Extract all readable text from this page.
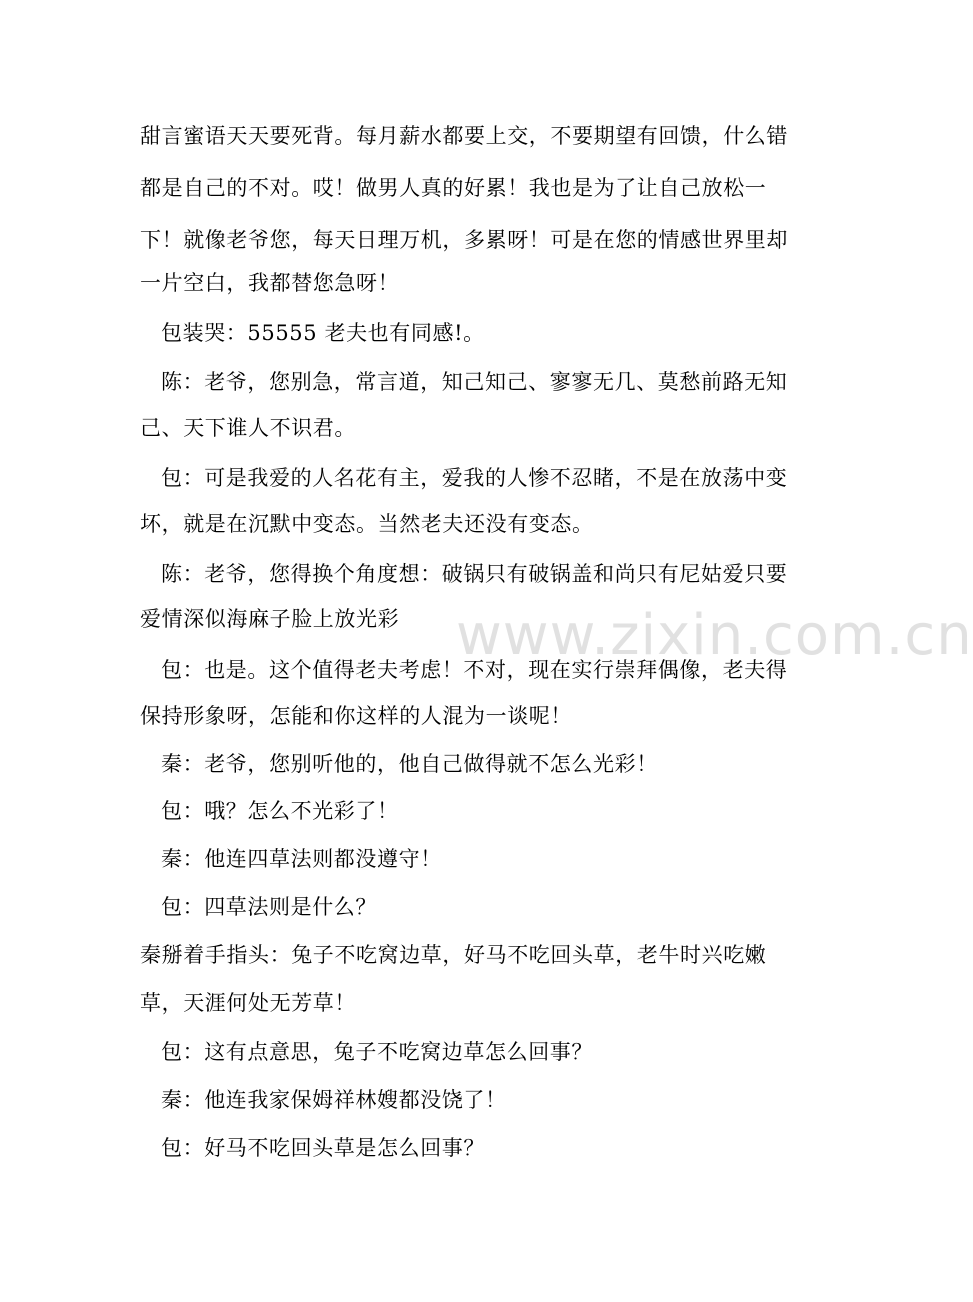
甜言蜜语天天要死背。每月薪水都要上交，不要期望有回馈，什么错
都是自己的不对。哎！做男人真的好累！我也是为了让自己放松一
下！就像老爷您，每天日理万机，多累呀！可是在您的情感世界里却
一片空白，我都替您急呀！
包装哭：55555 老夫也有同感!。
陈：老爷，您别急，常言道，知己知己、寥寥无几、莫愁前路无知
己、天下谁人不识君。
包：可是我爱的人名花有主，爱我的人惨不忍睹，不是在放荡中变
坏，就是在沉默中变态。当然老夫还没有变态。
陈：老爷，您得换个角度想：破锅只有破锅盖和尚只有尼姑爱只要
爱情深似海麻子脸上放光彩
包：也是。这个值得老夫考虑！不对，现在实行崇拜偶像，老夫得
保持形象呀，怎能和你这样的人混为一谈呢！
秦：老爷，您别听他的，他自己做得就不怎么光彩！
包：哦？怎么不光彩了！
秦：他连四草法则都没遵守！
包：四草法则是什么？
秦掰着手指头：兔子不吃窝边草，好马不吃回头草，老牛时兴吃嫩
草，天涯何处无芳草！
包：这有点意思，兔子不吃窝边草怎么回事？
秦：他连我家保姆祥林嫂都没饶了！
包：好马不吃回头草是怎么回事？
www.zixin.com.cn
